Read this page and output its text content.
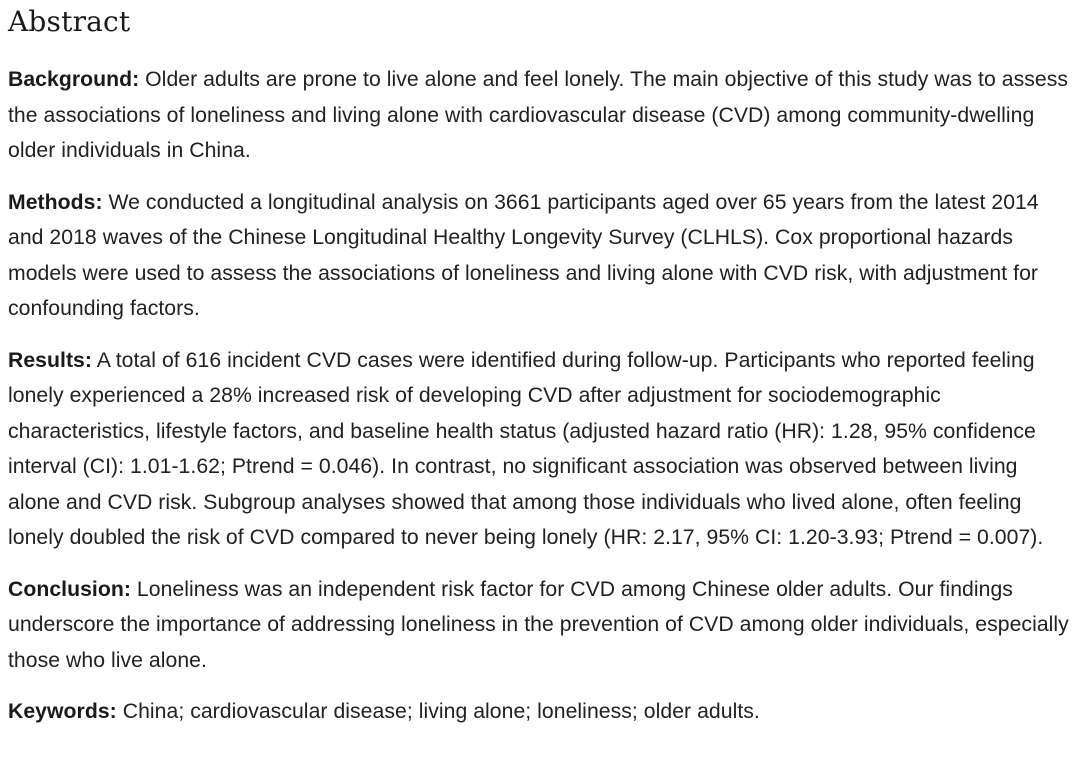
Abstract

Background: Older adults are prone to live alone and feel lonely. The main objective of this study was to assess the associations of loneliness and living alone with cardiovascular disease (CVD) among community-dwelling older individuals in China.

Methods: We conducted a longitudinal analysis on 3661 participants aged over 65 years from the latest 2014 and 2018 waves of the Chinese Longitudinal Healthy Longevity Survey (CLHLS). Cox proportional hazards models were used to assess the associations of loneliness and living alone with CVD risk, with adjustment for confounding factors.

Results: A total of 616 incident CVD cases were identified during follow-up. Participants who reported feeling lonely experienced a 28% increased risk of developing CVD after adjustment for sociodemographic characteristics, lifestyle factors, and baseline health status (adjusted hazard ratio (HR): 1.28, 95% confidence interval (CI): 1.01-1.62; Ptrend = 0.046). In contrast, no significant association was observed between living alone and CVD risk. Subgroup analyses showed that among those individuals who lived alone, often feeling lonely doubled the risk of CVD compared to never being lonely (HR: 2.17, 95% CI: 1.20-3.93; Ptrend = 0.007).

Conclusion: Loneliness was an independent risk factor for CVD among Chinese older adults. Our findings underscore the importance of addressing loneliness in the prevention of CVD among older individuals, especially those who live alone.

Keywords: China; cardiovascular disease; living alone; loneliness; older adults.
